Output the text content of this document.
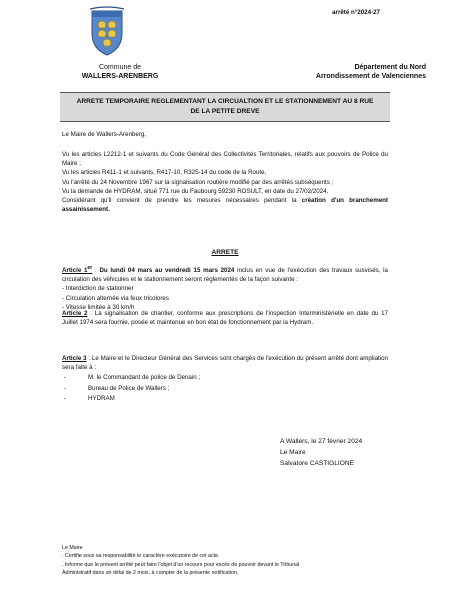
arrêté n°2024-27
Commune de
WALLERS-ARENBERG
Département du Nord
Arrondissement de Valenciennes
ARRETE TEMPORAIRE REGLEMENTANT LA CIRCUALTION ET LE STATIONNEMENT AU 8 RUE
DE LA PETITE DREVE
Le Maire de Wallers-Arenberg,

Vu les articles L2212-1 et suivants du Code Général des Collectivités Territoriales, relatifs aux pouvoirs de Police du Maire ;

Vu les articles R411-1 et suivants, R417-10, R325-14 du code de la Route,

Vu l'arrêté du 24 Novembre 1967 sur la signalisation routière modifié par des arrêtés subséquents ;

Vu la demande de HYDRAM, situé 771 rue du Faubourg 59230 ROSULT, en date du 27/02/2024.

Considérant qu'il convient de prendre les mesures nécessaires pendant la création d'un branchement assainissement.

ARRETE

Article 1er : Du lundi 04 mars au vendredi 15 mars 2024 inclus en vue de l'exécution des travaux susvisés, la circulation des véhicules et le stationnement seront réglementés de la façon suivante :

- Interdiction de stationner

- Circulation alternée via feux tricolores

- Vitesse limitée à 30 km/h

Article 2 : La signalisation de chantier, conforme aux prescriptions de l'inspection Interministérielle en date du 17 Juillet 1974 sera fournie, posée et maintenue en bon état de fonctionnement par la Hydram.

Article 3 : Le Maire et le Directeur Général des Services sont chargés de l'exécution du présent arrêté dont ampliation sera faite à :

-	M. le Commandant de police de Denain ;
-	Bureau de Police de Wallers ;
-	HYDRAM
A Wallers, le 27 février 2024
Le Maire
Salvatore CASTIGLIONE
Le Maire
. Certifie sous sa responsabilité le caractère exécutoire de cet acte.
. Informe que le présent arrêté peut faire l'objet d'un recours pour excès de pouvoir devant le Tribunal
Administratif dans un délai de 2 mois, à compter de la présente notification.
